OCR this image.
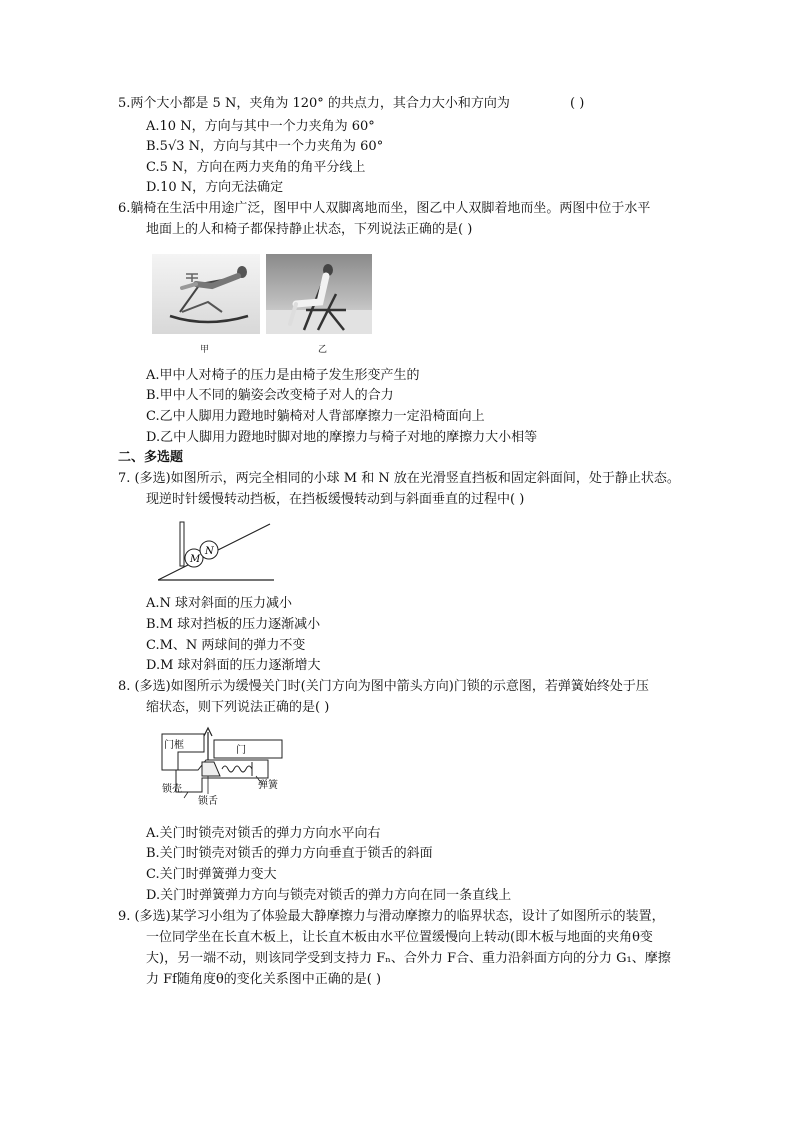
5.两个大小都是 5 N，夹角为 120° 的共点力，其合力大小和方向为	( )
A.10 N，方向与其中一个力夹角为 60°
B.5√3 N，方向与其中一个力夹角为 60°
C.5 N，方向在两力夹角的角平分线上
D.10 N，方向无法确定
6.躺椅在生活中用途广泛，图甲中人双脚离地而坐，图乙中人双脚着地而坐。两图中位于水平
地面上的人和椅子都保持静止状态，下列说法正确的是( )
甲	乙
A.甲中人对椅子的压力是由椅子发生形变产生的
B.甲中人不同的躺姿会改变椅子对人的合力
C.乙中人脚用力蹬地时躺椅对人背部摩擦力一定沿椅面向上
D.乙中人脚用力蹬地时脚对地的摩擦力与椅子对地的摩擦力大小相等
二、多选题
7. (多选)如图所示，两完全相同的小球 M 和 N 放在光滑竖直挡板和固定斜面间，处于静止状态。
现逆时针缓慢转动挡板，在挡板缓慢转动到与斜面垂直的过程中( )
M
N
A.N 球对斜面的压力减小
B.M 球对挡板的压力逐渐减小
C.M、N 两球间的弹力不变
D.M 球对斜面的压力逐渐增大
8. (多选)如图所示为缓慢关门时(关门方向为图中箭头方向)门锁的示意图，若弹簧始终处于压
缩状态，则下列说法正确的是( )
门框	门
锁壳
锁舌
弹簧
A.关门时锁壳对锁舌的弹力方向水平向右
B.关门时锁壳对锁舌的弹力方向垂直于锁舌的斜面
C.关门时弹簧弹力变大
D.关门时弹簧弹力方向与锁壳对锁舌的弹力方向在同一条直线上
9. (多选)某学习小组为了体验最大静摩擦力与滑动摩擦力的临界状态，设计了如图所示的装置，
一位同学坐在长直木板上，让长直木板由水平位置缓慢向上转动(即木板与地面的夹角θ变
大)，另一端不动，则该同学受到支持力 Fₙ、合外力 F合、重力沿斜面方向的分力 G₁、摩擦
力 Ff随角度θ的变化关系图中正确的是( )
